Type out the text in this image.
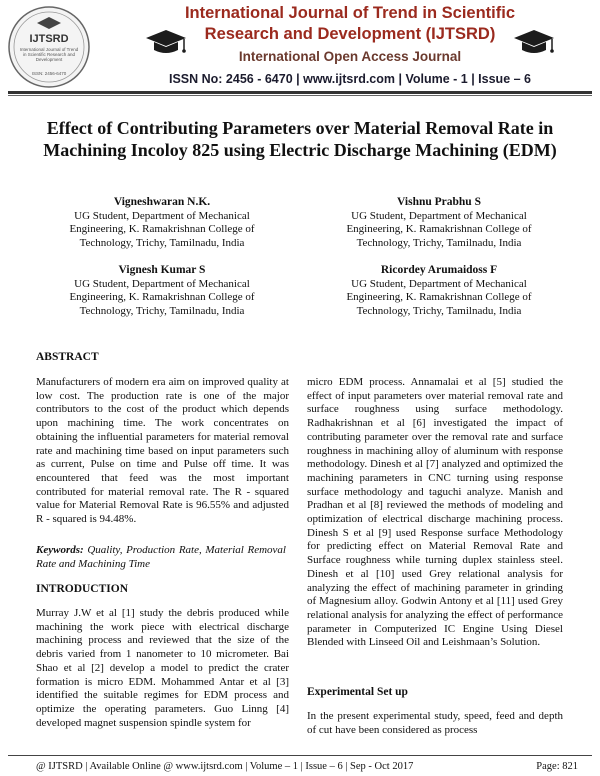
IJTSRD
International Journal of Trend in Scientific Research and Development
ISSN: 2456-6470
International Journal of Trend in Scientific
Research and Development (IJTSRD)
International Open Access Journal
ISSN No: 2456 - 6470 | www.ijtsrd.com | Volume - 1 | Issue – 6
Effect of Contributing Parameters over Material Removal Rate in
Machining Incoloy 825 using Electric Discharge Machining (EDM)
Vigneshwaran N.K.
UG Student, Department of Mechanical
Engineering, K. Ramakrishnan College of
Technology, Trichy, Tamilnadu, India
Vishnu Prabhu S
UG Student, Department of Mechanical
Engineering, K. Ramakrishnan College of
Technology, Trichy, Tamilnadu, India
Vignesh Kumar S
UG Student, Department of Mechanical
Engineering, K. Ramakrishnan College of
Technology, Trichy, Tamilnadu, India
Ricordey Arumaidoss F
UG Student, Department of Mechanical
Engineering, K. Ramakrishnan College of
Technology, Trichy, Tamilnadu, India
ABSTRACT
Manufacturers of modern era aim on improved quality at low cost. The production rate is one of the major contributors to the cost of the product which depends upon machining time. The work concentrates on obtaining the influential parameters for material removal rate and machining time based on input parameters such as current, Pulse on time and Pulse off time. It was encountered that feed was the most important contributed for material removal rate. The R - squared value for Material Removal Rate is 96.55% and adjusted R - squared is 94.48%.
Keywords: Quality, Production Rate, Material Removal Rate and Machining Time
INTRODUCTION
Murray J.W et al [1] study the debris produced while machining the work piece with electrical discharge machining process and reviewed that the size of the debris varied from 1 nanometer to 10 micrometer. Bai Shao et al [2] develop a model to predict the crater formation is micro EDM. Mohammed Antar et al [3] identified the suitable regimes for EDM process and optimize the operating parameters. Guo Linng [4] developed magnet suspension spindle system for
micro EDM process. Annamalai et al [5] studied the effect of input parameters over material removal rate and surface roughness using surface methodology. Radhakrishnan et al [6] investigated the impact of contributing parameter over the removal rate and surface roughness in machining alloy of aluminum with response methodology. Dinesh et al [7] analyzed and optimized the machining parameters in CNC turning using response surface methodology and taguchi analyze. Manish and Pradhan et al [8] reviewed the methods of modeling and optimization of electrical discharge machining process. Dinesh S et al [9] used Response surface Methodology for predicting effect on Material Removal Rate and Surface roughness while turning duplex stainless steel. Dinesh et al [10] used Grey relational analysis for analyzing the effect of machining parameter in grinding of Magnesium alloy. Godwin Antony et al [11] used Grey relational analysis for analyzing the effect of performance parameter in Computerized IC Engine Using Diesel Blended with Linseed Oil and Leishmaan’s Solution.
Experimental Set up
In the present experimental study, speed, feed and depth of cut have been considered as process
@ IJTSRD | Available Online @ www.ijtsrd.com | Volume – 1 | Issue – 6 | Sep - Oct 2017	Page: 821
